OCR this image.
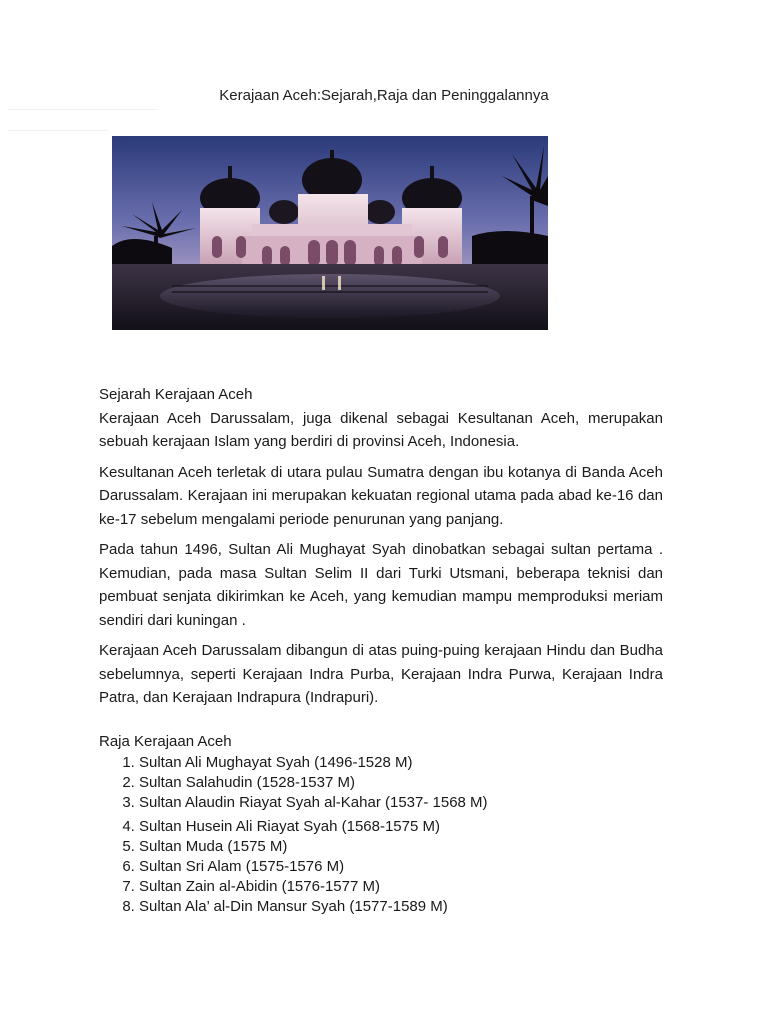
Kerajaan Aceh:Sejarah,Raja dan Peninggalannya

Sejarah Kerajaan Aceh

Kerajaan Aceh Darussalam, juga dikenal sebagai Kesultanan Aceh, merupakan sebuah kerajaan Islam yang berdiri di provinsi Aceh, Indonesia.

Kesultanan Aceh terletak di utara pulau Sumatra dengan ibu kotanya di Banda Aceh Darussalam. Kerajaan ini merupakan kekuatan regional utama pada abad ke-16 dan ke-17 sebelum mengalami periode penurunan yang panjang.

Pada tahun 1496, Sultan Ali Mughayat Syah dinobatkan sebagai sultan pertama . Kemudian, pada masa Sultan Selim II dari Turki Utsmani, beberapa teknisi dan pembuat senjata dikirimkan ke Aceh, yang kemudian mampu memproduksi meriam sendiri dari kuningan .

Kerajaan Aceh Darussalam dibangun di atas puing-puing kerajaan Hindu dan Budha sebelumnya, seperti Kerajaan Indra Purba, Kerajaan Indra Purwa, Kerajaan Indra Patra, dan Kerajaan Indrapura (Indrapuri).

Raja Kerajaan Aceh

1. Sultan Ali Mughayat Syah (1496-1528 M)
2. Sultan Salahudin (1528-1537 M)
3. Sultan Alaudin Riayat Syah al-Kahar (1537- 1568 M)
4. Sultan Husein Ali Riayat Syah (1568-1575 M)
5. Sultan Muda (1575 M)
6. Sultan Sri Alam (1575-1576 M)
7. Sultan Zain al-Abidin (1576-1577 M)
8. Sultan Ala’ al-Din Mansur Syah (1577-1589 M)
